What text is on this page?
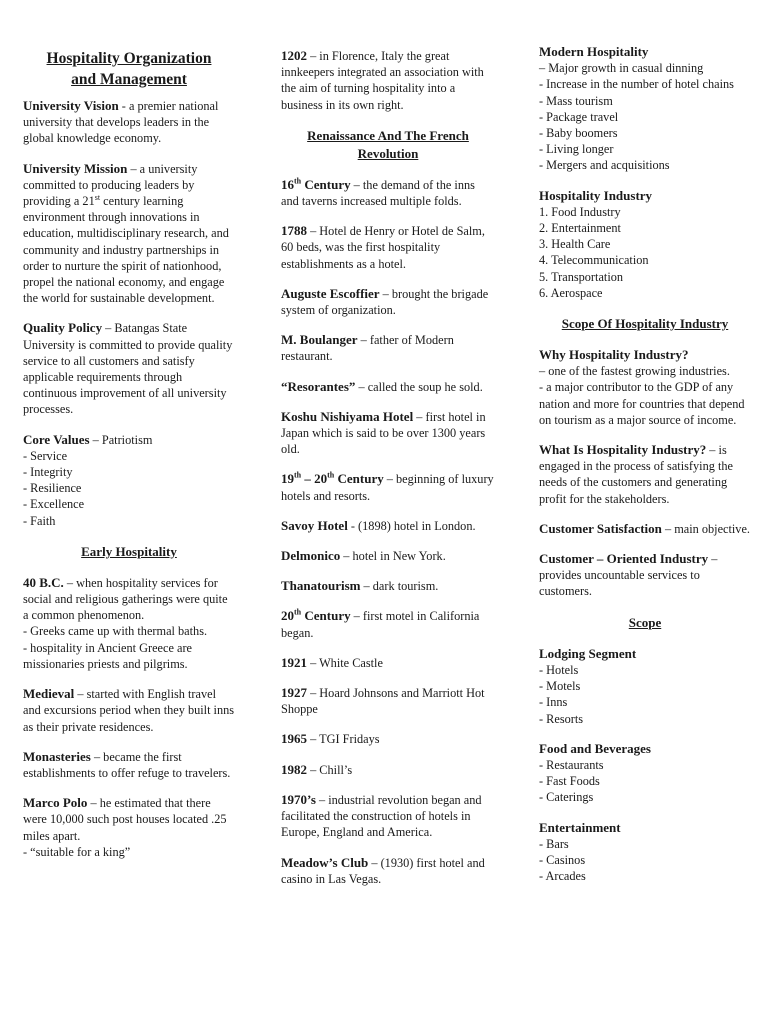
Hospitality Organization
and Management
University Vision - a premier national university that develops leaders in the global knowledge economy.
University Mission – a university committed to producing leaders by providing a 21st century learning environment through innovations in education, multidisciplinary research, and community and industry partnerships in order to nurture the spirit of nationhood, propel the national economy, and engage the world for sustainable development.
Quality Policy – Batangas State University is committed to provide quality service to all customers and satisfy applicable requirements through continuous improvement of all university processes.
Core Values – Patriotism
- Service
- Integrity
- Resilience
- Excellence
- Faith
Early Hospitality
40 B.C. – when hospitality services for social and religious gatherings were quite a common phenomenon.
- Greeks came up with thermal baths.
- hospitality in Ancient Greece are missionaries priests and pilgrims.
Medieval – started with English travel and excursions period when they built inns as their private residences.
Monasteries – became the first establishments to offer refuge to travelers.
Marco Polo – he estimated that there were 10,000 such post houses located .25 miles apart.
- “suitable for a king”
1202 – in Florence, Italy the great innkeepers integrated an association with the aim of turning hospitality into a business in its own right.
Renaissance And The French Revolution
16th Century – the demand of the inns and taverns increased multiple folds.
1788 – Hotel de Henry or Hotel de Salm, 60 beds, was the first hospitality establishments as a hotel.
Auguste Escoffier – brought the brigade system of organization.
M. Boulanger – father of Modern restaurant.
“Resorantes” – called the soup he sold.
Koshu Nishiyama Hotel – first hotel in Japan which is said to be over 1300 years old.
19th – 20th Century – beginning of luxury hotels and resorts.
Savoy Hotel - (1898) hotel in London.
Delmonico – hotel in New York.
Thanatourism – dark tourism.
20th Century – first motel in California began.
1921 – White Castle
1927 – Hoard Johnsons and Marriott Hot Shoppe
1965 – TGI Fridays
1982 – Chill’s
1970’s – industrial revolution began and facilitated the construction of hotels in Europe, England and America.
Meadow’s Club – (1930) first hotel and casino in Las Vegas.
Modern Hospitality
– Major growth in casual dinning
- Increase in the number of hotel chains
- Mass tourism
- Package travel
- Baby boomers
- Living longer
- Mergers and acquisitions
Hospitality Industry
1. Food Industry
2. Entertainment
3. Health Care
4. Telecommunication
5. Transportation
6. Aerospace
Scope Of Hospitality Industry
Why Hospitality Industry?
– one of the fastest growing industries.
- a major contributor to the GDP of any nation and more for countries that depend on tourism as a major source of income.
What Is Hospitality Industry? – is engaged in the process of satisfying the needs of the customers and generating profit for the stakeholders.
Customer Satisfaction – main objective.
Customer – Oriented Industry – provides uncountable services to customers.
Scope
Lodging Segment
- Hotels
- Motels
- Inns
- Resorts
Food and Beverages
- Restaurants
- Fast Foods
- Caterings
Entertainment
- Bars
- Casinos
- Arcades
